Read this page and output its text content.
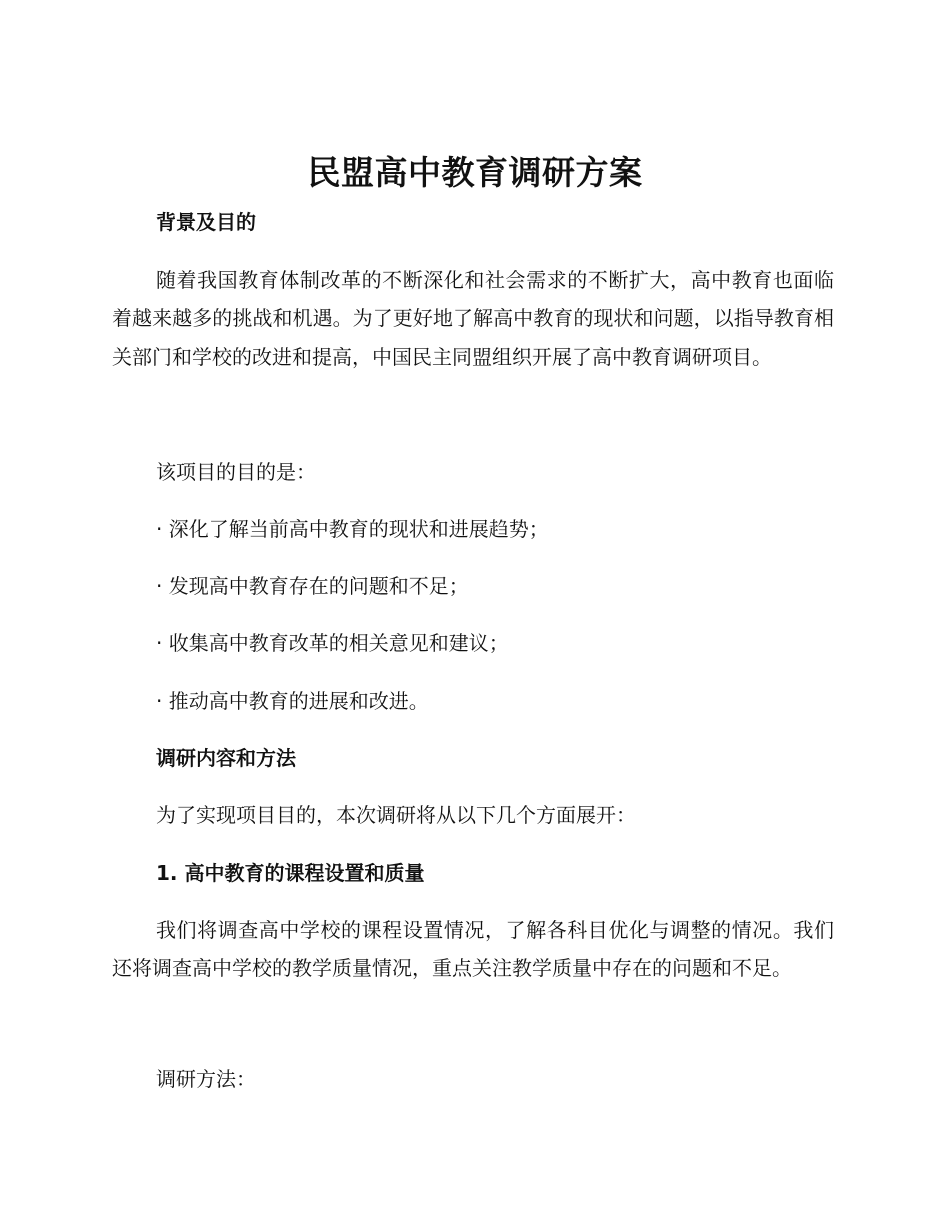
民盟高中教育调研方案
背景及目的

随着我国教育体制改革的不断深化和社会需求的不断扩大，高中教育也面临着越来越多的挑战和机遇。为了更好地了解高中教育的现状和问题，以指导教育相关部门和学校的改进和提高，中国民主同盟组织开展了高中教育调研项目。

该项目的目的是：
· 深化了解当前高中教育的现状和进展趋势；
· 发现高中教育存在的问题和不足；
· 收集高中教育改革的相关意见和建议；
· 推动高中教育的进展和改进。
调研内容和方法
为了实现项目目的，本次调研将从以下几个方面展开：
1. 高中教育的课程设置和质量

我们将调查高中学校的课程设置情况，了解各科目优化与调整的情况。我们还将调查高中学校的教学质量情况，重点关注教学质量中存在的问题和不足。

调研方法：
